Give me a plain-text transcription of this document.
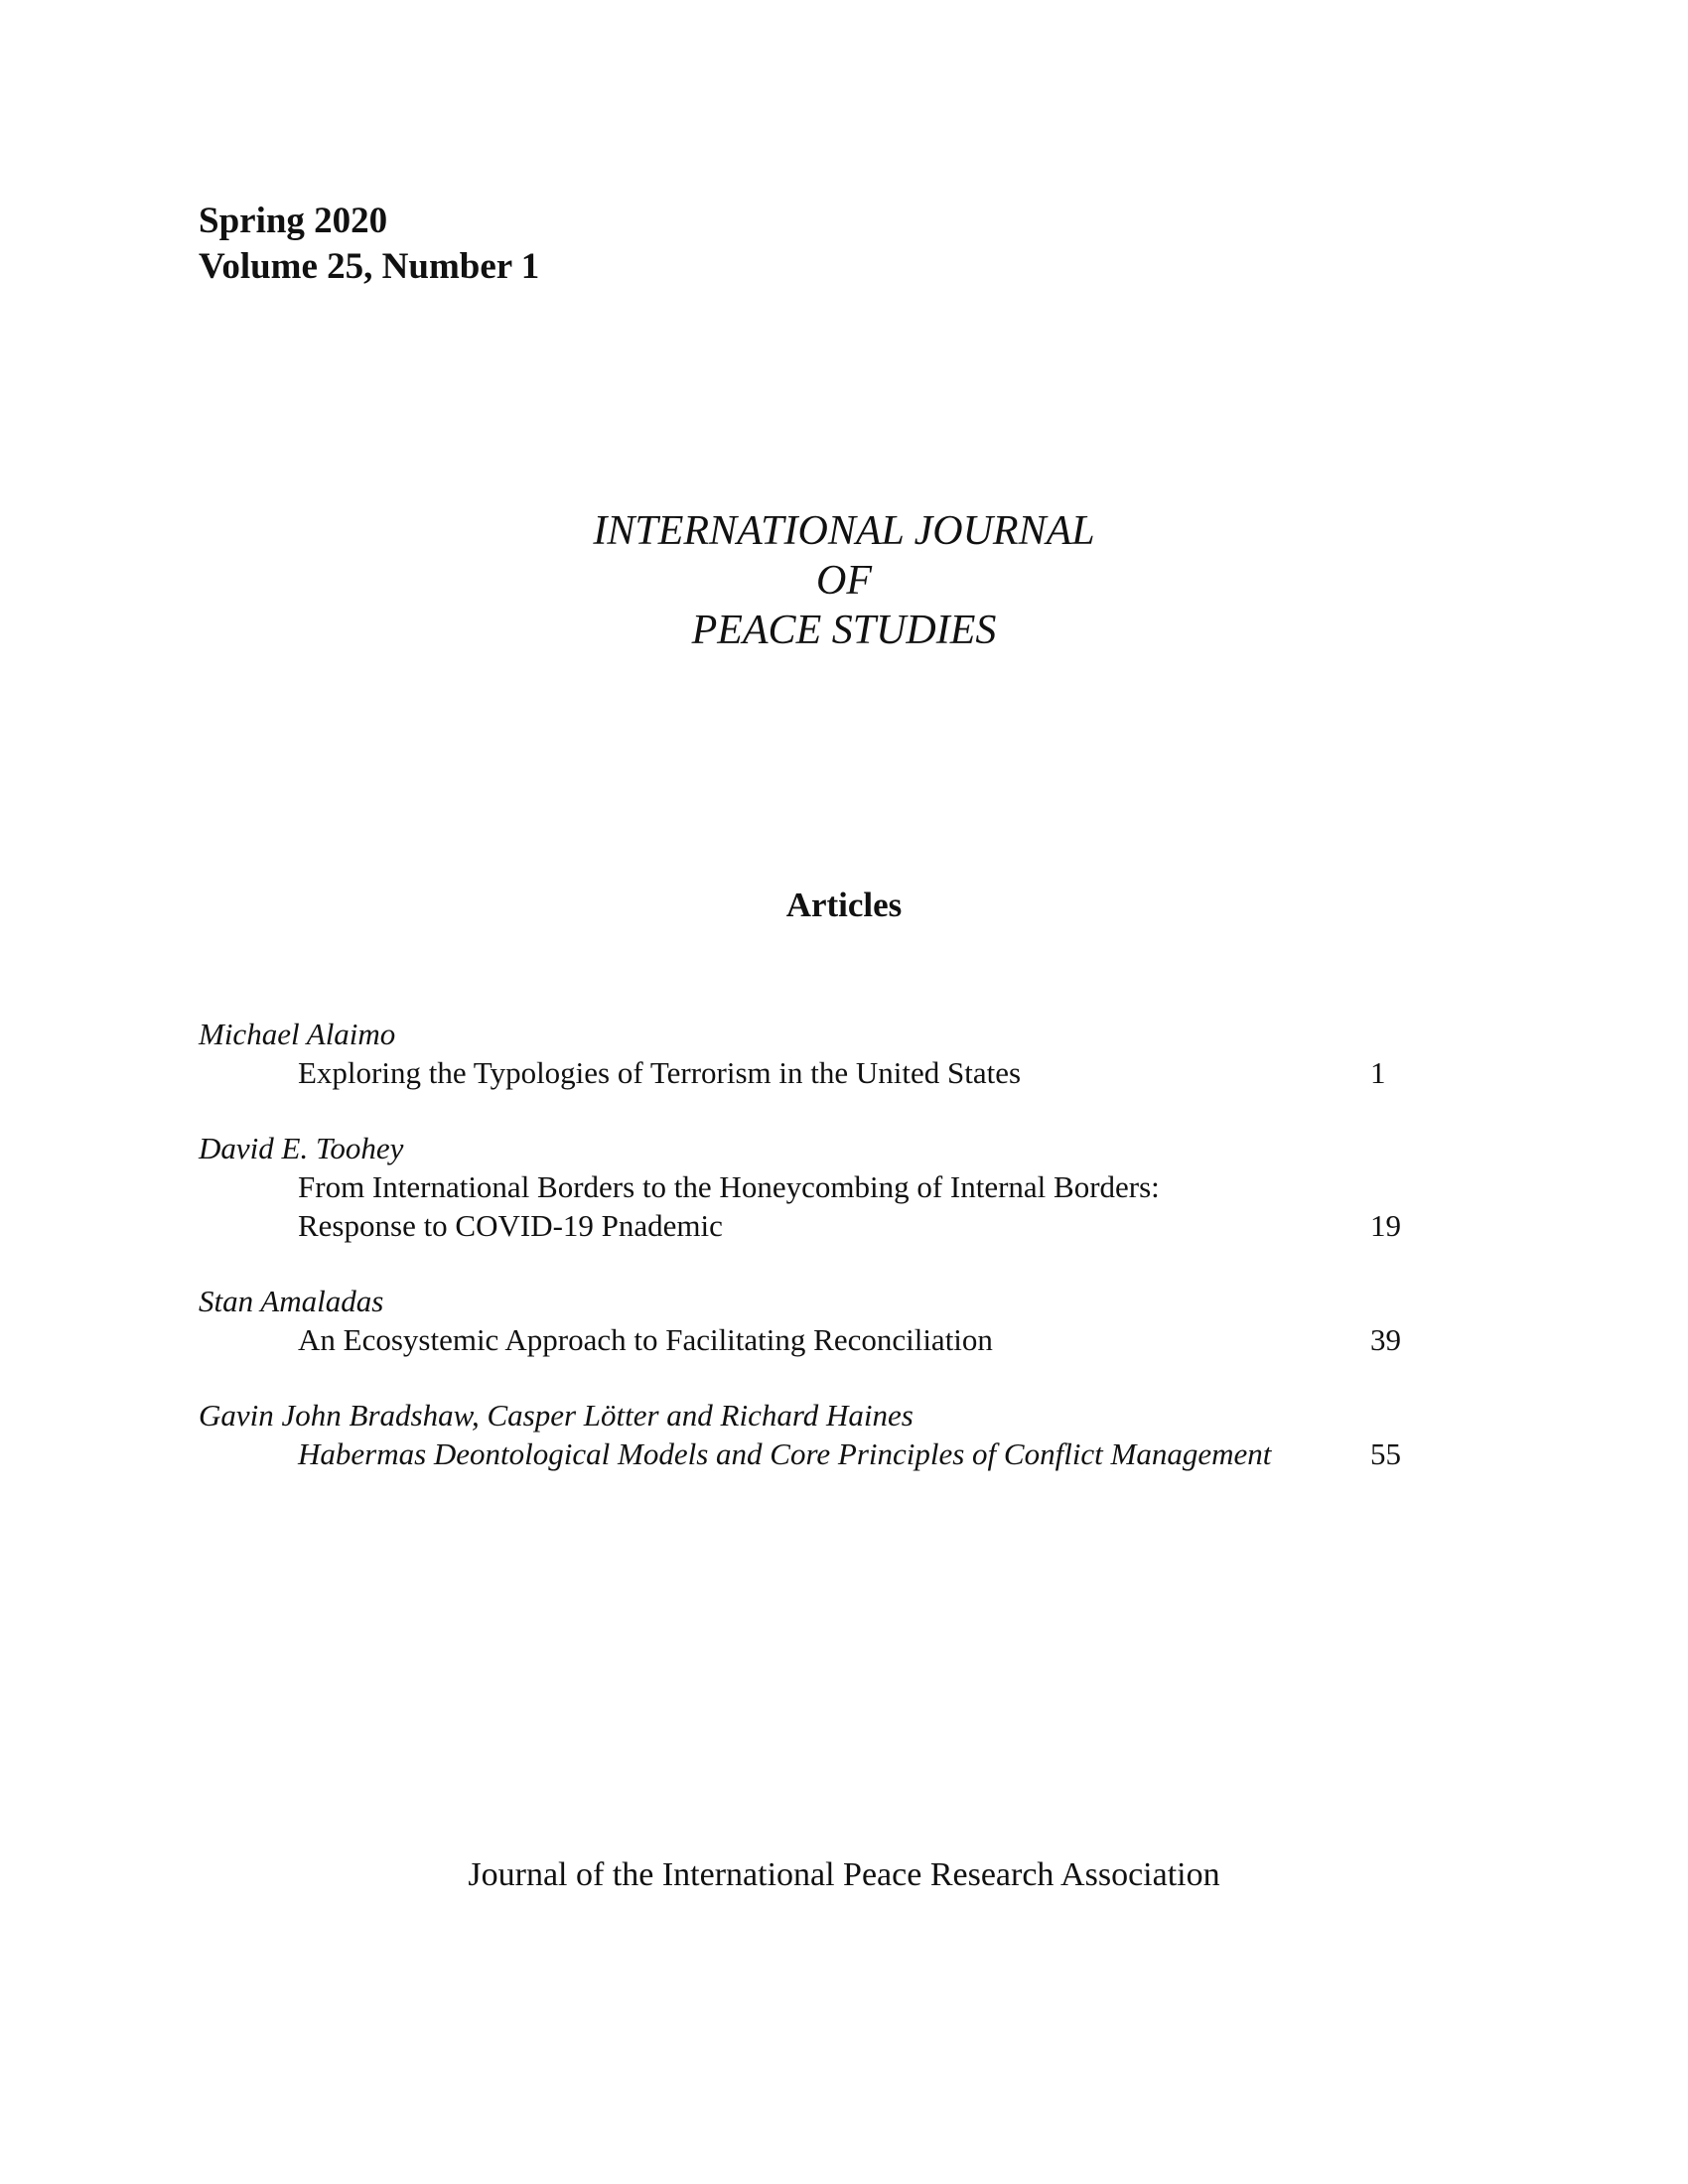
Spring 2020
Volume 25, Number 1
INTERNATIONAL JOURNAL
OF
PEACE STUDIES
Articles
Michael Alaimo
Exploring the Typologies of Terrorism in the United States	1
David E. Toohey
From International Borders to the Honeycombing of Internal Borders:
Response to COVID-19 Pnademic	19
Stan Amaladas
An Ecosystemic Approach to Facilitating Reconciliation	39
Gavin John Bradshaw, Casper Lötter and Richard Haines
Habermas Deontological Models and Core Principles of Conflict Management	55
Journal of the International Peace Research Association
